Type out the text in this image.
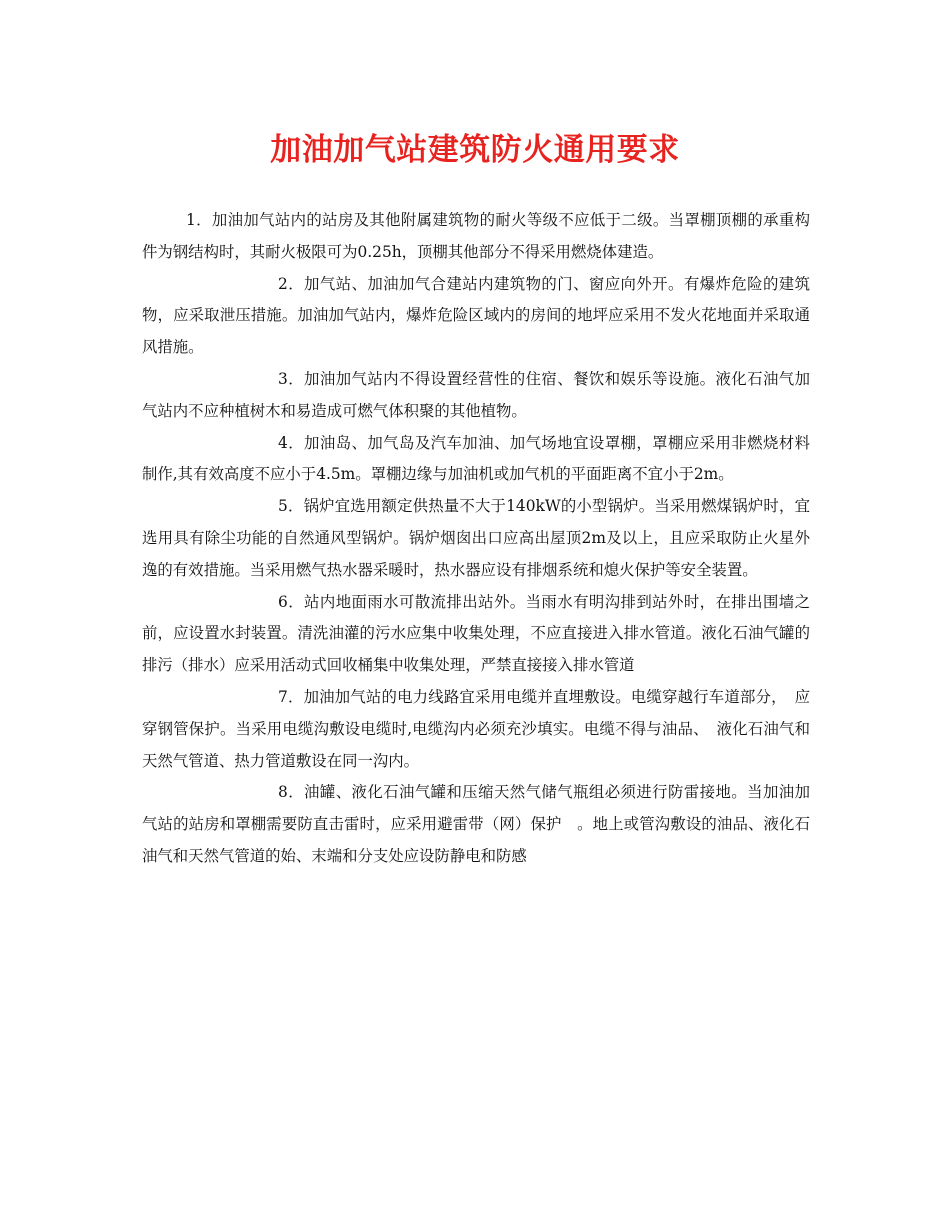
加油加气站建筑防火通用要求

1．加油加气站内的站房及其他附属建筑物的耐火等级不应低于二级。当罩棚顶棚的承重构件为钢结构时，其耐火极限可为0.25h，顶棚其他部分不得采用燃烧体建造。

2．加气站、加油加气合建站内建筑物的门、窗应向外开。有爆炸危险的建筑物，应采取泄压措施。加油加气站内，爆炸危险区域内的房间的地坪应采用不发火花地面并采取通风措施。

3．加油加气站内不得设置经营性的住宿、餐饮和娱乐等设施。液化石油气加气站内不应种植树木和易造成可燃气体积聚的其他植物。

4．加油岛、加气岛及汽车加油、加气场地宜设罩棚，罩棚应采用非燃烧材料制作,其有效高度不应小于4.5m。罩棚边缘与加油机或加气机的平面距离不宜小于2m。

5．锅炉宜选用额定供热量不大于140kW的小型锅炉。当采用燃煤锅炉时，宜选用具有除尘功能的自然通风型锅炉。锅炉烟囱出口应高出屋顶2m及以上，且应采取防止火星外逸的有效措施。当采用燃气热水器采暖时，热水器应设有排烟系统和熄火保护等安全装置。

6．站内地面雨水可散流排出站外。当雨水有明沟排到站外时，在排出围墙之前，应设置水封装置。清洗油灌的污水应集中收集处理，不应直接进入排水管道。液化石油气罐的排污（排水）应采用活动式回收桶集中收集处理，严禁直接接入排水管道

7．加油加气站的电力线路宜采用电缆并直埋敷设。电缆穿越行车道部分，　应穿钢管保护。当采用电缆沟敷设电缆时,电缆沟内必须充沙填实。电缆不得与油品、　液化石油气和天然气管道、热力管道敷设在同一沟内。

8．油罐、液化石油气罐和压缩天然气储气瓶组必须进行防雷接地。当加油加气站的站房和罩棚需要防直击雷时，应采用避雷带（网）保护　。地上或管沟敷设的油品、液化石油气和天然气管道的始、末端和分支处应设防静电和防感
